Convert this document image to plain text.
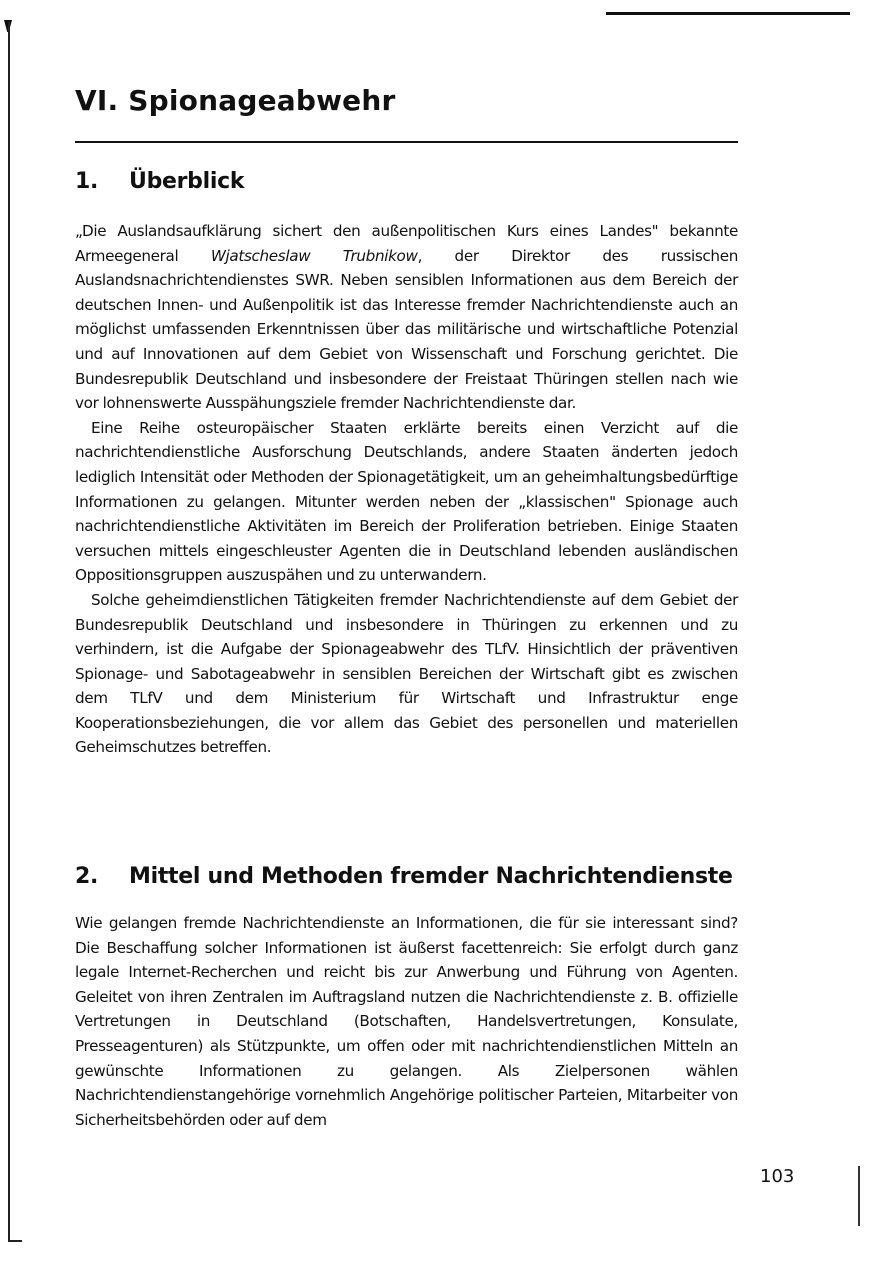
VI. Spionageabwehr
1. Überblick

„Die Auslandsaufklärung sichert den außenpolitischen Kurs eines Landes" bekannte Armeegeneral Wjatscheslaw Trubnikow, der Direktor des russischen Auslandsnachrichtendienstes SWR. Neben sensiblen Informationen aus dem Bereich der deutschen Innen- und Außenpolitik ist das Interesse fremder Nachrichtendienste auch an möglichst umfassenden Erkenntnissen über das militärische und wirtschaftliche Potenzial und auf Innovationen auf dem Gebiet von Wissenschaft und Forschung gerichtet. Die Bundesrepublik Deutschland und insbesondere der Freistaat Thüringen stellen nach wie vor lohnenswerte Ausspähungsziele fremder Nachrichtendienste dar.

Eine Reihe osteuropäischer Staaten erklärte bereits einen Verzicht auf die nachrichtendienstliche Ausforschung Deutschlands, andere Staaten änderten jedoch lediglich Intensität oder Methoden der Spionagetätigkeit, um an geheimhaltungsbedürftige Informationen zu gelangen. Mitunter werden neben der „klassischen" Spionage auch nachrichtendienstliche Aktivitäten im Bereich der Proliferation betrieben. Einige Staaten versuchen mittels eingeschleuster Agenten die in Deutschland lebenden ausländischen Oppositionsgruppen auszuspähen und zu unterwandern.

Solche geheimdienstlichen Tätigkeiten fremder Nachrichtendienste auf dem Gebiet der Bundesrepublik Deutschland und insbesondere in Thüringen zu erkennen und zu verhindern, ist die Aufgabe der Spionageabwehr des TLfV. Hinsichtlich der präventiven Spionage- und Sabotageabwehr in sensiblen Bereichen der Wirtschaft gibt es zwischen dem TLfV und dem Ministerium für Wirtschaft und Infrastruktur enge Kooperationsbeziehungen, die vor allem das Gebiet des personellen und materiellen Geheimschutzes betreffen.

2. Mittel und Methoden fremder Nachrichtendienste

Wie gelangen fremde Nachrichtendienste an Informationen, die für sie interessant sind? Die Beschaffung solcher Informationen ist äußerst facettenreich: Sie erfolgt durch ganz legale Internet-Recherchen und reicht bis zur Anwerbung und Führung von Agenten. Geleitet von ihren Zentralen im Auftragsland nutzen die Nachrichtendienste z. B. offizielle Vertretungen in Deutschland (Botschaften, Handelsvertretungen, Konsulate, Presseagenturen) als Stützpunkte, um offen oder mit nachrichtendienstlichen Mitteln an gewünschte Informationen zu gelangen. Als Zielpersonen wählen Nachrichtendienstangehörige vornehmlich Angehörige politischer Parteien, Mitarbeiter von Sicherheitsbehörden oder auf dem

103
